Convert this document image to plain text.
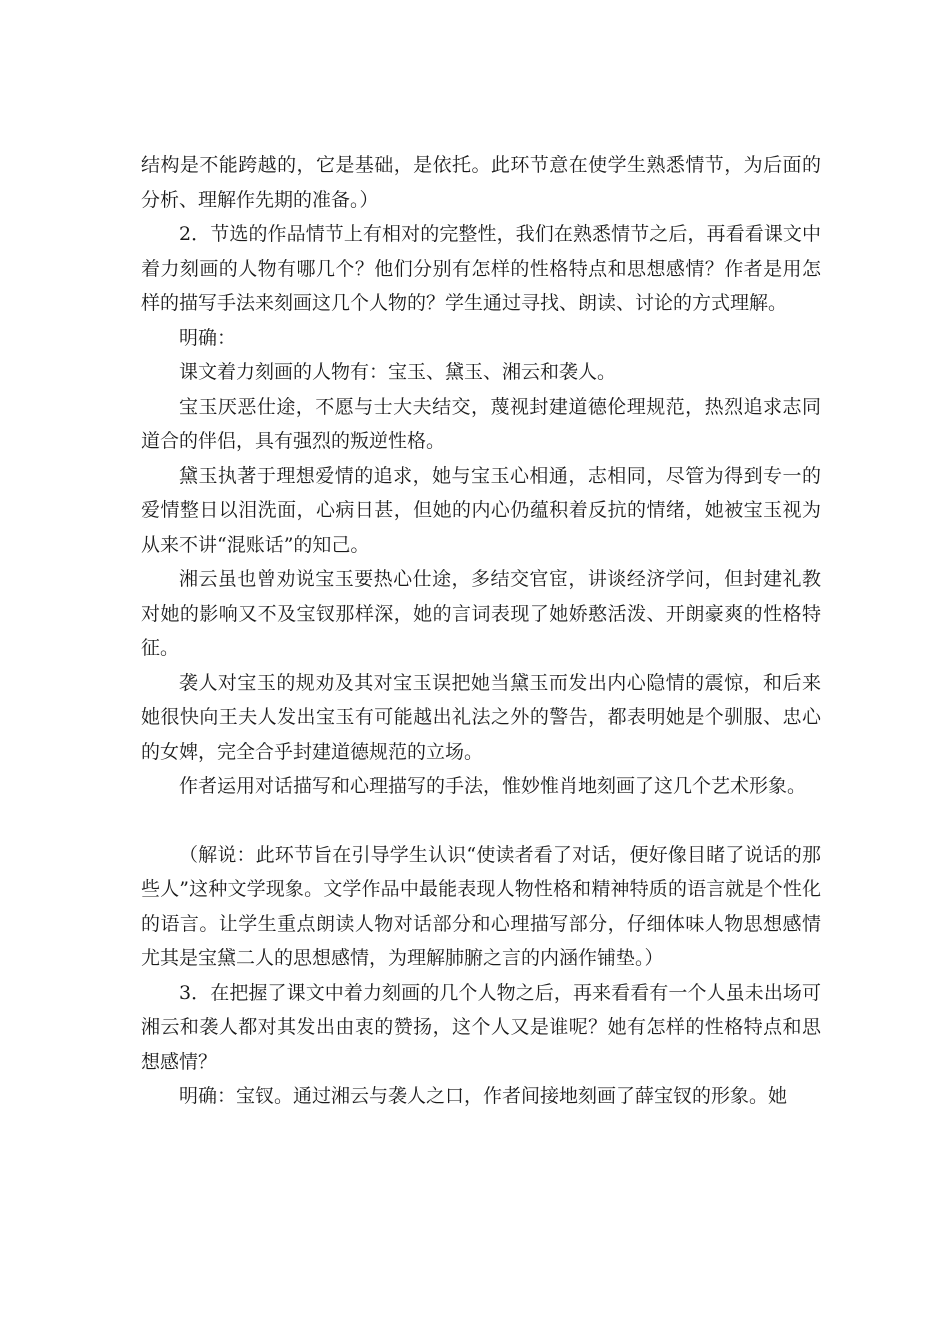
结构是不能跨越的，它是基础，是依托。此环节意在使学生熟悉情节，为后面的分析、理解作先期的准备。）

2．节选的作品情节上有相对的完整性，我们在熟悉情节之后，再看看课文中着力刻画的人物有哪几个？他们分别有怎样的性格特点和思想感情？作者是用怎样的描写手法来刻画这几个人物的？学生通过寻找、朗读、讨论的方式理解。

明确：

课文着力刻画的人物有：宝玉、黛玉、湘云和袭人。

宝玉厌恶仕途，不愿与士大夫结交，蔑视封建道德伦理规范，热烈追求志同道合的伴侣，具有强烈的叛逆性格。

黛玉执著于理想爱情的追求，她与宝玉心相通，志相同，尽管为得到专一的爱情整日以泪洗面，心病日甚，但她的内心仍蕴积着反抗的情绪，她被宝玉视为从来不讲“混账话”的知己。

湘云虽也曾劝说宝玉要热心仕途，多结交官宦，讲谈经济学问，但封建礼教对她的影响又不及宝钗那样深，她的言词表现了她娇憨活泼、开朗豪爽的性格特征。

袭人对宝玉的规劝及其对宝玉误把她当黛玉而发出内心隐情的震惊，和后来她很快向王夫人发出宝玉有可能越出礼法之外的警告，都表明她是个驯服、忠心的女婢，完全合乎封建道德规范的立场。

作者运用对话描写和心理描写的手法，惟妙惟肖地刻画了这几个艺术形象。

（解说：此环节旨在引导学生认识“使读者看了对话，便好像目睹了说话的那些人”这种文学现象。文学作品中最能表现人物性格和精神特质的语言就是个性化的语言。让学生重点朗读人物对话部分和心理描写部分，仔细体味人物思想感情尤其是宝黛二人的思想感情，为理解肺腑之言的内涵作铺垫。）

3．在把握了课文中着力刻画的几个人物之后，再来看看有一个人虽未出场可湘云和袭人都对其发出由衷的赞扬，这个人又是谁呢？她有怎样的性格特点和思想感情？

明确：宝钗。通过湘云与袭人之口，作者间接地刻画了薛宝钗的形象。她
